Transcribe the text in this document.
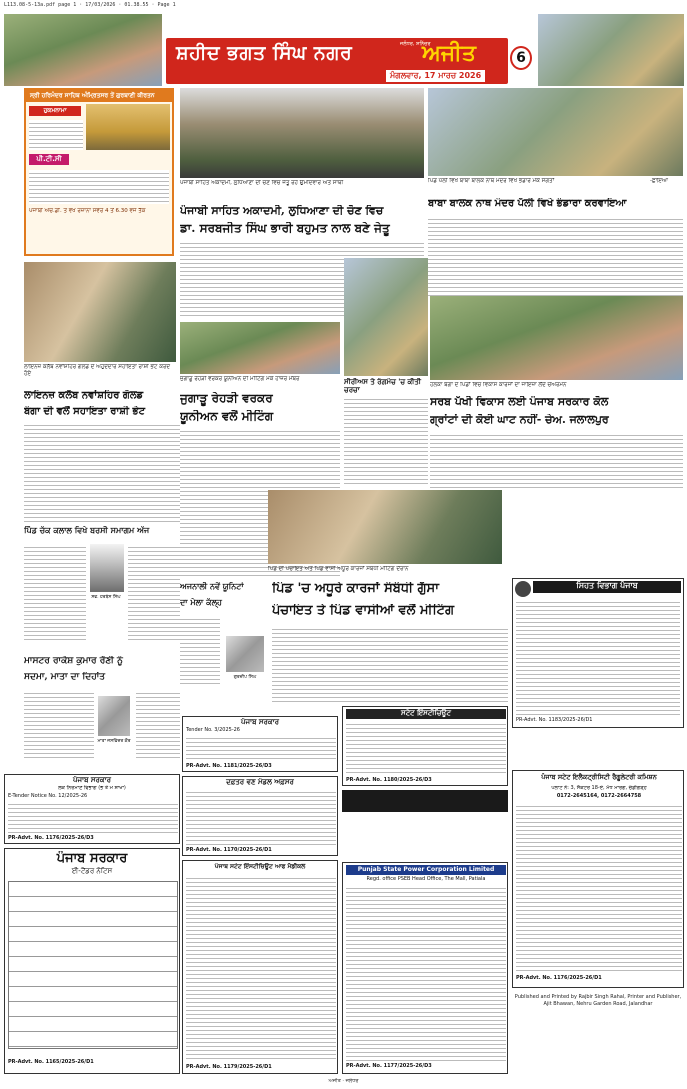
L113.08-5-13a.pdf page 1 · 17/03/2026 · 01.38.55 · Page 1
ਸ਼ਹੀਦ ਭਗਤ ਸਿੰਘ ਨਗਰ	ਜਲੰਧਰ, ਸ਼ਨਿੱਚਰ
ਅਜੀਤ
ਮੰਗਲਵਾਰ, 17 ਮਾਰਚ 2026
6
ਸ੍ਰੀ ਹਰਿਮੰਦਰ ਸਾਹਿਬ ਅੰਮ੍ਰਿਤਸਰ ਤੋਂ ਗੁਰਬਾਣੀ ਕੀਰਤਨ
ਹੁਕਮਨਾਮਾ
ਪੀ.ਟੀ.ਸੀ
ਪੰਜਾਬੀ ਐਚ.ਡੀ. ਤੇ ਵੇਖੋ ਰੋਜ਼ਾਨਾ ਸਵੇਰੇ 4 ਤੋਂ 6.30 ਵਜੇ ਤੱਕ
ਪੰਜਾਬੀ ਸਾਹਿਤ ਅਕਾਦਮੀ, ਲੁਧਿਆਣਾ ਦੀ ਚੋਣ ਵਿਚ ਜੇਤੂ ਰਹੇ ਉਮੀਦਵਾਰ ਅਤੇ ਸਾਥੀ
ਪੰਜਾਬੀ ਸਾਹਿਤ ਅਕਾਦਮੀ, ਲੁਧਿਆਣਾ ਦੀ ਚੋਣ ਵਿਚ
ਡਾ. ਸਰਬਜੀਤ ਸਿੰਘ ਭਾਰੀ ਬਹੁਮਤ ਨਾਲ ਬਣੇ ਜੇਤੂ
ਪਿੰਡ ਪੱਲੀ ਵਿਖੇ ਬਾਬਾ ਬਾਲਕ ਨਾਥ ਮੰਦਰ ਵਿਖੇ ਭੰਡਾਰੇ ਮੌਕੇ ਸੰਗਤਾਂ	-ਛਾਇਆ
ਬਾਬਾ ਬਾਲਕ ਨਾਥ ਮੰਦਰ ਪੱਲੀ ਵਿਖੇ ਭੰਡਾਰਾ ਕਰਵਾਇਆ
ਲਾਇਨਜ਼ ਕਲੱਬ ਨਵਾਂਸ਼ਹਿਰ ਗੋਲਡ ਦੇ ਅਹੁਦੇਦਾਰ ਸਹਾਇਤਾ ਰਾਸ਼ੀ ਭੇਟ ਕਰਦੇ ਹੋਏ
ਲਾਇਨਜ਼ ਕਲੱਬ ਨਵਾਂਸ਼ਹਿਰ ਗੋਲਡ
ਬੰਗਾ ਦੀ ਵਲੋਂ ਸਹਾਇਤਾ ਰਾਸ਼ੀ ਭੇਟ
ਜੁਗਾੜੂ ਰੇਹੜੀ ਵਰਕਰ ਯੂਨੀਅਨ ਦੀ ਮੀਟਿੰਗ ਮੌਕੇ ਹਾਜ਼ਰ ਮੈਂਬਰ
ਜੁਗਾੜੂ ਰੇਹੜੀ ਵਰਕਰ
ਯੂਨੀਅਨ ਵਲੋਂ ਮੀਟਿੰਗ
ਸੀਰੀਅਸ ਤੇ ਰੰਗਮੰਚ 'ਚ ਕੀਤੀ ਚਰਚਾ
ਹਲਕਾ ਬੰਗਾ ਦੇ ਪਿੰਡਾਂ ਵਿਚ ਵਿਕਾਸ ਕਾਰਜਾਂ ਦਾ ਜਾਇਜ਼ਾ ਲੈਂਦੇ ਚੇਅਰਮੈਨ
ਸਰਬ ਪੱਖੀ ਵਿਕਾਸ ਲਈ ਪੰਜਾਬ ਸਰਕਾਰ ਕੋਲ
ਗ੍ਰਾਂਟਾਂ ਦੀ ਕੋਈ ਘਾਟ ਨਹੀਂ- ਚੇਅ. ਜਲਾਲਪੁਰ
ਪਿੰਡ ਚੱਕ ਕਲਾਲ ਵਿਖੇ ਬਰਸੀ ਸਮਾਗਮ ਅੱਜ
ਸਵ. ਹਰਬੰਸ ਸਿੰਘ
ਮਾਸਟਰ ਰਾਕੇਸ਼ ਕੁਮਾਰ ਰੌਣੀ ਨੂੰ
ਸਦਮਾ, ਮਾਤਾ ਦਾ ਦਿਹਾਂਤ
ਮਾਤਾ ਜਸਵਿੰਦਰ ਕੌਰ
ਪਿੰਡ ਦੀ ਪੰਚਾਇਤ ਅਤੇ ਪਿੰਡ ਵਾਸੀ ਅਧੂਰੇ ਕਾਰਜਾਂ ਸਬੰਧੀ ਮੀਟਿੰਗ ਦੌਰਾਨ
ਅਜਨਾਲੀ ਨਵੇਂ ਯੂਨਿਟਾਂ
ਦਾ ਮੇਲਾ ਕੱਲ੍ਹ
ਗੁਰਦੀਪ ਸਿੰਘ
ਪਿੰਡ 'ਚ ਅਧੂਰੇ ਕਾਰਜਾਂ ਸੰਬੰਧੀ ਗੁੱਸਾ
ਪੰਚਾਇਤ ਤੇ ਪਿੰਡ ਵਾਸੀਆਂ ਵਲੋਂ ਮੀਟਿੰਗ
ਸਿਹਤ ਵਿਭਾਗ ਪੰਜਾਬ
PR-Advt. No. 1183/2025-26/D1
ਪੰਜਾਬ ਸਰਕਾਰ
ਲੋਕ ਨਿਰਮਾਣ ਵਿਭਾਗ (ਭ ਤੇ ਮ ਸ਼ਾਖਾ)
E-Tender Notice No. 12/2025-26
PR-Advt. No. 1176/2025-26/D3
ਪੰਜਾਬ ਸਰਕਾਰ
ਈ-ਟੈਂਡਰ ਨੋਟਿਸ
PR-Advt. No. 1165/2025-26/D1
ਪੰਜਾਬ ਸਰਕਾਰ
Tender No. 3/2025-26
PR-Advt. No. 1181/2025-26/D3
ਦਫ਼ਤਰ ਵਣ ਮੰਡਲ ਅਫ਼ਸਰ
PR-Advt. No. 1170/2025-26/D1
ਪੰਜਾਬ ਸਟੇਟ ਇੰਸਟੀਚਿਊਟ ਆਫ ਮੈਡੀਕਲ
PR-Advt. No. 1179/2025-26/D1
ਸਟੇਟ ਇੰਸਟੀਚਿਊਟ
PR-Advt. No. 1180/2025-26/D3
Punjab State Power Corporation Limited
Regd. office PSEB Head Office, The Mall, Patiala
PR-Advt. No. 1177/2025-26/D3
ਪੰਜਾਬ ਸਟੇਟ ਇਲੈਕਟ੍ਰੀਸਿਟੀ ਰੈਗੂਲੇਟਰੀ ਕਮਿਸ਼ਨ
ਪਲਾਟ ਨੰ: 3, ਸੈਕਟਰ 18-ਏ, ਮੱਧ ਮਾਰਗ, ਚੰਡੀਗੜ੍ਹ
0172-2645164, 0172-2664758
PR-Advt. No. 1176/2025-26/D1
Published and Printed by Rajbir Singh Rahal, Printer and Publisher, Ajit Bhawan, Nehru Garden Road, Jalandhar
ਅਜੀਤ · ਜਲੰਧਰ
